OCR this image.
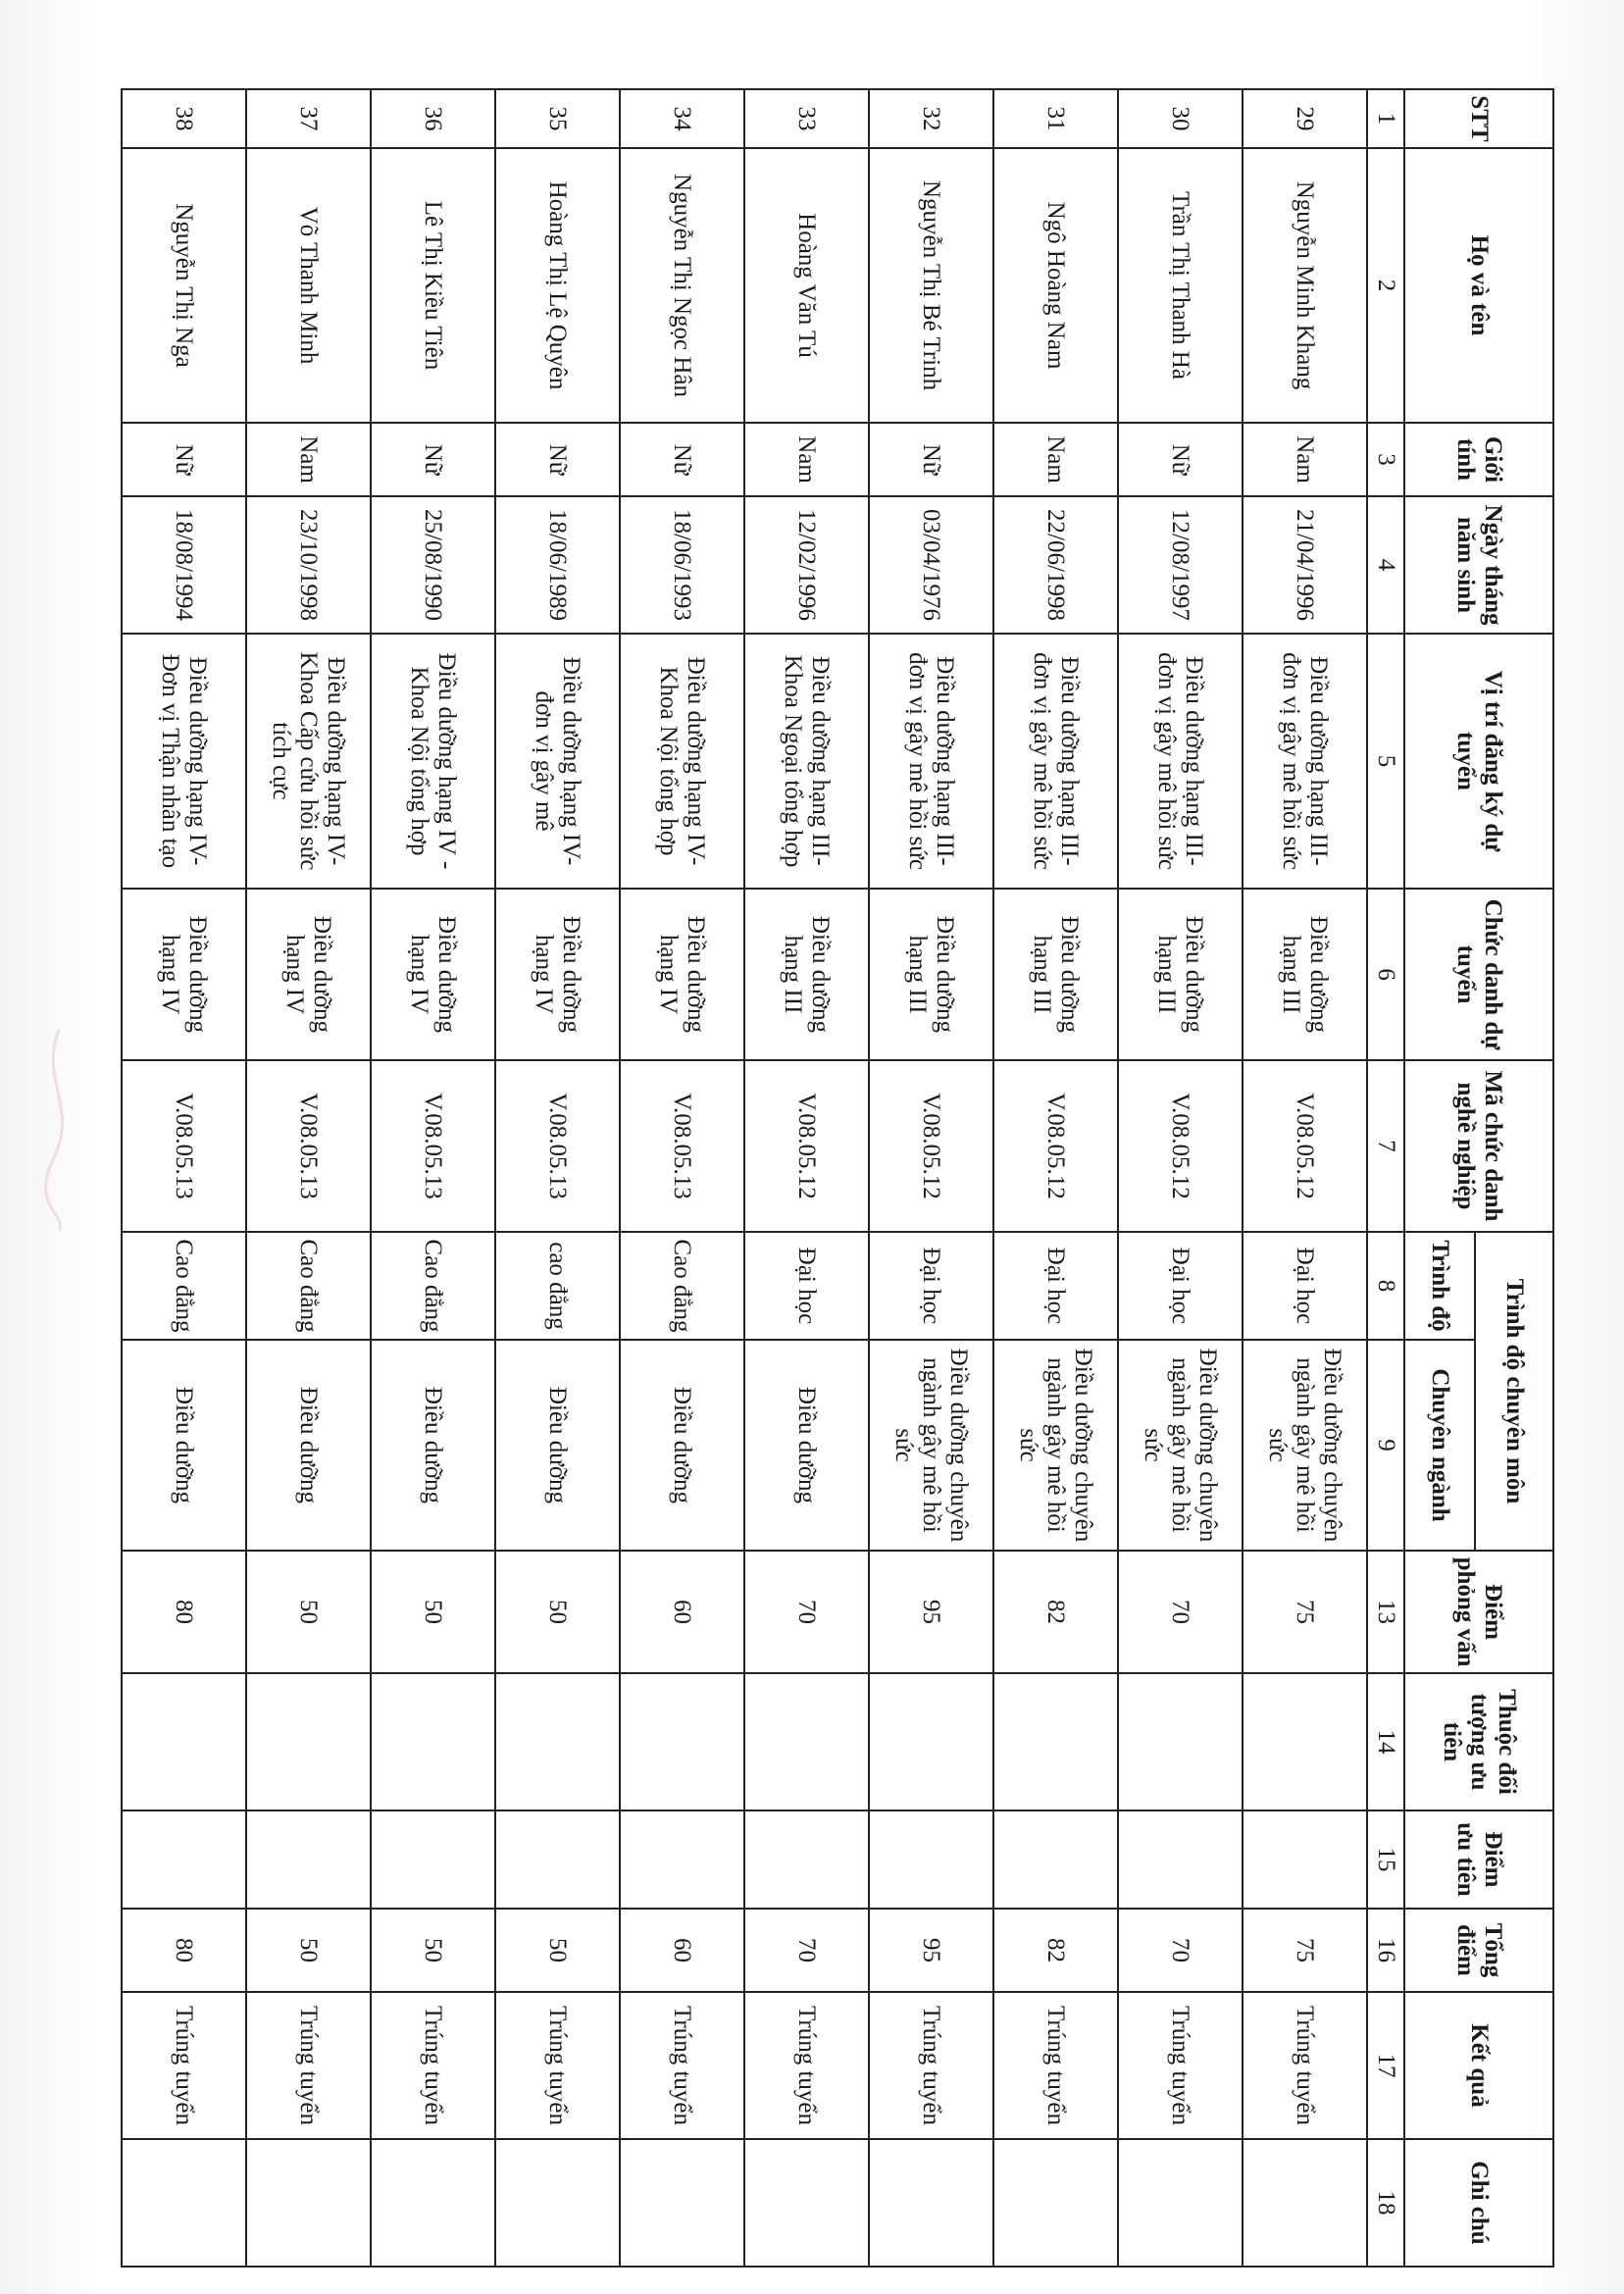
STT	Họ và tên	Giới tính	Ngày tháng năm sinh	Vị trí đăng ký dự tuyển	Chức danh dự tuyển	Mã chức danh nghề nghiệp	Trình độ chuyên môn		Điểm phỏng vấn	Thuộc đối tượng ưu tiên	Điểm ưu tiên	Tổng điểm	Kết quả	Ghi chú
							Trình độ	Chuyên ngành						
1	2	3	4	5	6	7	8	9	13	14	15	16	17	18
29	Nguyễn Minh Khang	Nam	21/04/1996	Điều dưỡng hạng III- đơn vị gây mê hồi sức	Điều dưỡng hạng III	V.08.05.12	Đại học	Điều dưỡng chuyên ngành gây mê hồi sức	75			75	Trúng tuyển	
30	Trần Thị Thanh Hà	Nữ	12/08/1997	Điều dưỡng hạng III- đơn vị gây mê hồi sức	Điều dưỡng hạng III	V.08.05.12	Đại học	Điều dưỡng chuyên ngành gây mê hồi sức	70			70	Trúng tuyển	
31	Ngô Hoàng Nam	Nam	22/06/1998	Điều dưỡng hạng III- đơn vị gây mê hồi sức	Điều dưỡng hạng III	V.08.05.12	Đại học	Điều dưỡng chuyên ngành gây mê hồi sức	82			82	Trúng tuyển	
32	Nguyễn Thị Bé Trinh	Nữ	03/04/1976	Điều dưỡng hạng III- đơn vị gây mê hồi sức	Điều dưỡng hạng III	V.08.05.12	Đại học	Điều dưỡng chuyên ngành gây mê hồi sức	95			95	Trúng tuyển	
33	Hoàng Văn Tú	Nam	12/02/1996	Điều dưỡng hạng III- Khoa Ngoại tổng hợp	Điều dưỡng hạng III	V.08.05.12	Đại học	Điều dưỡng	70			70	Trúng tuyển	
34	Nguyễn Thị Ngọc Hân	Nữ	18/06/1993	Điều dưỡng hạng IV- Khoa Nội tổng hợp	Điều dưỡng hạng IV	V.08.05.13	Cao đẳng	Điều dưỡng	60			60	Trúng tuyển	
35	Hoàng Thị Lệ Quyên	Nữ	18/06/1989	Điều dưỡng hạng IV- đơn vị gây mê	Điều dưỡng hạng IV	V.08.05.13	cao đẳng	Điều dưỡng	50			50	Trúng tuyển	
36	Lê Thị Kiều Tiên	Nữ	25/08/1990	Điều dưỡng hạng IV - Khoa Nội tổng hợp	Điều dưỡng hạng IV	V.08.05.13	Cao đẳng	Điều dưỡng	50			50	Trúng tuyển	
37	Võ Thanh Minh	Nam	23/10/1998	Điều dưỡng hạng IV- Khoa Cấp cứu hồi sức tích cực	Điều dưỡng hạng IV	V.08.05.13	Cao đẳng	Điều dưỡng	50			50	Trúng tuyển	
38	Nguyễn Thị Nga	Nữ	18/08/1994	Điều dưỡng hạng IV- Đơn vị Thận nhân tạo	Điều dưỡng hạng IV	V.08.05.13	Cao đẳng	Điều dưỡng	80			80	Trúng tuyển	
